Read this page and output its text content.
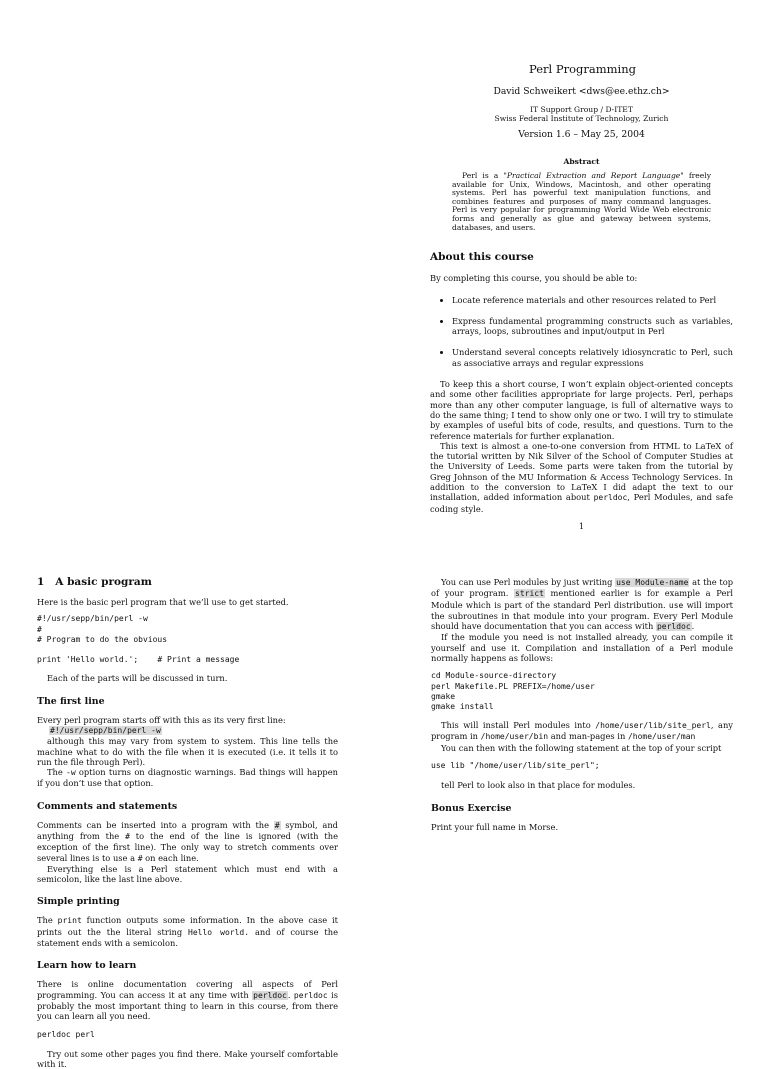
Perl Programming
David Schweikert <dws@ee.ethz.ch>
IT Support Group / D-ITET
Swiss Federal Institute of Technology, Zurich
Version 1.6 – May 25, 2004
Abstract

Perl is a "Practical Extraction and Report Language" freely available for Unix, Windows, Macintosh, and other operating systems. Perl has powerful text manipulation functions, and combines features and purposes of many command languages. Perl is very popular for programming World Wide Web electronic forms and generally as glue and gateway between systems, databases, and users.

About this course

By completing this course, you should be able to:

• Locate reference materials and other resources related to Perl
• Express fundamental programming constructs such as variables, arrays, loops, subroutines and input/output in Perl
• Understand several concepts relatively idiosyncratic to Perl, such as associative arrays and regular expressions

To keep this a short course, I won’t explain object-oriented concepts and some other facilities appropriate for large projects. Perl, perhaps more than any other computer language, is full of alternative ways to do the same thing; I tend to show only one or two. I will try to stimulate by examples of useful bits of code, results, and questions. Turn to the reference materials for further explanation.

This text is almost a one-to-one conversion from HTML to LaTeX of the tutorial written by Nik Silver of the School of Computer Studies at the University of Leeds. Some parts were taken from the tutorial by Greg Johnson of the MU Information & Access Technology Services. In addition to the conversion to LaTeX I did adapt the text to our installation, added information about perldoc, Perl Modules, and safe coding style.

1
1 A basic program

Here is the basic perl program that we’ll use to get started.

#!/usr/sepp/bin/perl -w
#
# Program to do the obvious

print 'Hello world.';    # Print a message

Each of the parts will be discussed in turn.

The first line

Every perl program starts off with this as its very first line:

#!/usr/sepp/bin/perl -w

although this may vary from system to system. This line tells the machine what to do with the file when it is executed (i.e. it tells it to run the file through Perl).

The -w option turns on diagnostic warnings. Bad things will happen if you don’t use that option.

Comments and statements

Comments can be inserted into a program with the # symbol, and anything from the # to the end of the line is ignored (with the exception of the first line). The only way to stretch comments over several lines is to use a # on each line.

Everything else is a Perl statement which must end with a semicolon, like the last line above.

Simple printing

The print function outputs some information. In the above case it prints out the the literal string Hello world. and of course the statement ends with a semicolon.

Learn how to learn

There is online documentation covering all aspects of Perl programming. You can access it at any time with perldoc. perldoc is probably the most important thing to learn in this course, from there you can learn all you need.

perldoc perl

Try out some other pages you find there. Make yourself comfortable with it.

You can use Perl modules by just writing use Module-name at the top of your program. strict mentioned earlier is for example a Perl Module which is part of the standard Perl distribution. use will import the subroutines in that module into your program. Every Perl Module should have documentation that you can access with perldoc.

If the module you need is not installed already, you can compile it yourself and use it. Compilation and installation of a Perl module normally happens as follows:

cd Module-source-directory
perl Makefile.PL PREFIX=/home/user
gmake
gmake install

This will install Perl modules into /home/user/lib/site_perl, any program in /home/user/bin and man-pages in /home/user/man

You can then with the following statement at the top of your script

use lib "/home/user/lib/site_perl";

tell Perl to look also in that place for modules.

Bonus Exercise

Print your full name in Morse.
